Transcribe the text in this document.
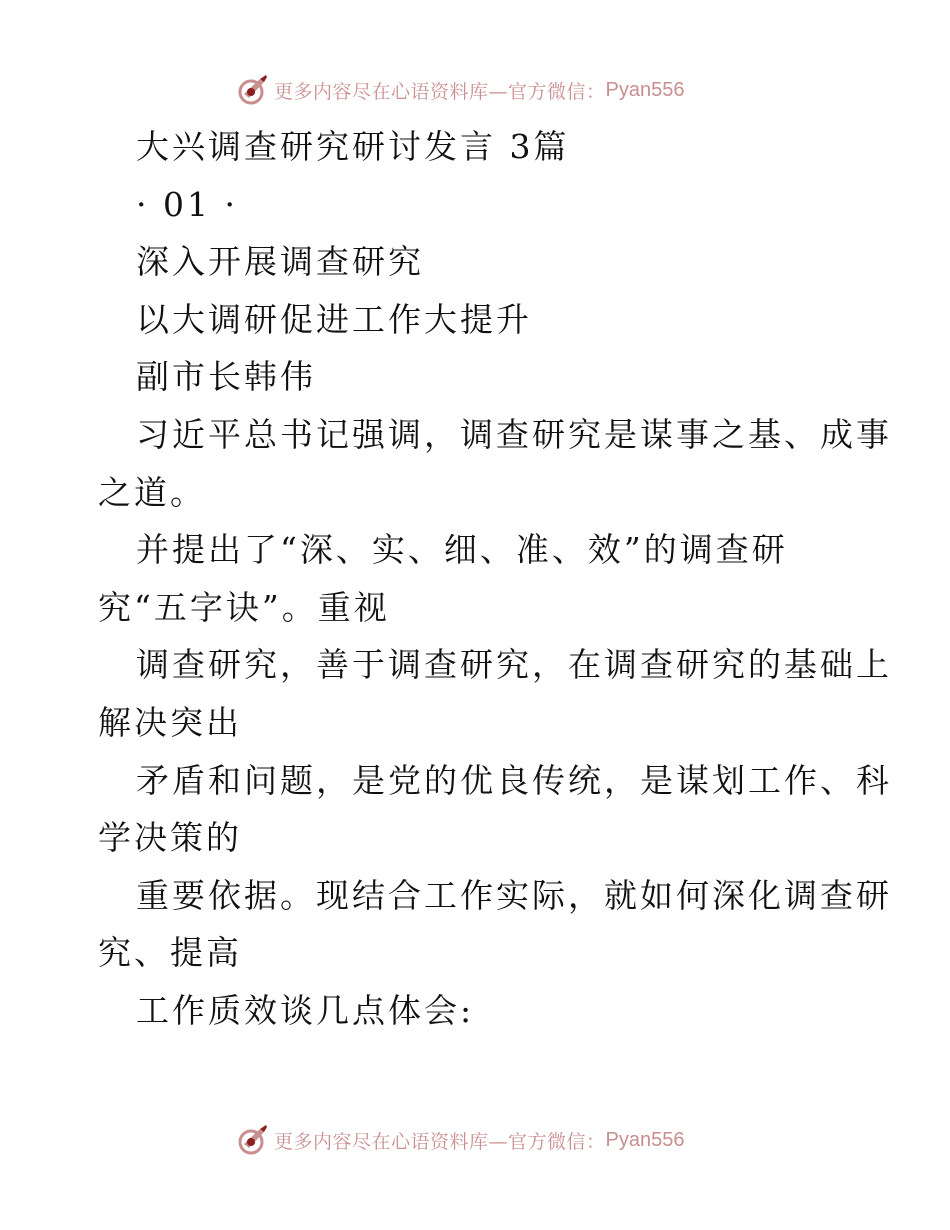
更多内容尽在心语资料库—官方微信： Pyan556
大兴调查研究研讨发言 3篇
· 01 ·
深入开展调查研究
以大调研促进工作大提升
副市长韩伟
习近平总书记强调，调查研究是谋事之基、成事
之道。
并提出了“深、实、细、准、效”的调查研
究“五字诀”。重视
调查研究，善于调查研究，在调查研究的基础上
解决突出
矛盾和问题，是党的优良传统，是谋划工作、科
学决策的
重要依据。现结合工作实际，就如何深化调查研
究、提高
工作质效谈几点体会:
更多内容尽在心语资料库—官方微信： Pyan556
